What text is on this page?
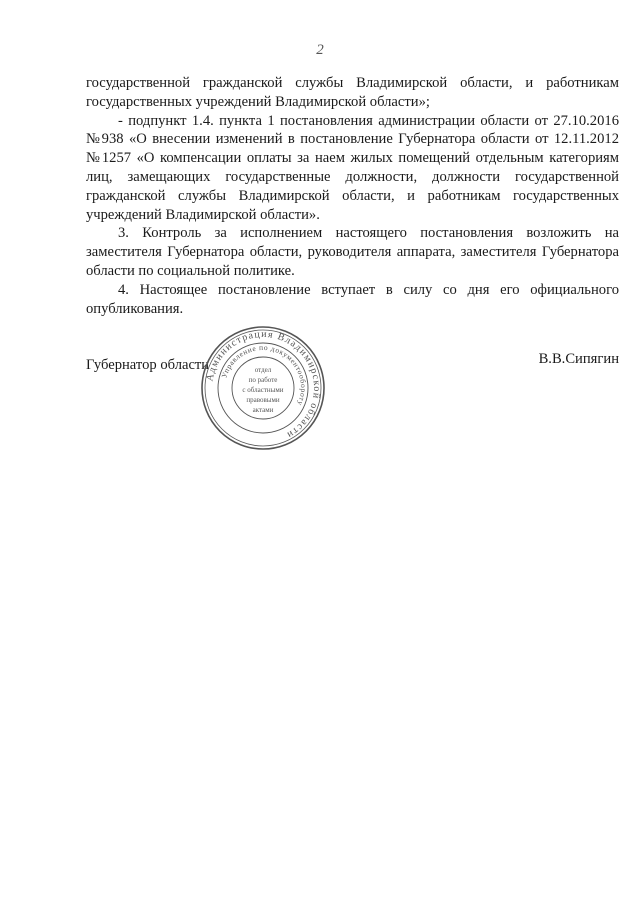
2

государственной гражданской службы Владимирской области, и работникам государственных учреждений Владимирской области»;

- подпункт 1.4. пункта 1 постановления администрации области от 27.10.2016 №938 «О внесении изменений в постановление Губернатора области от 12.11.2012 №1257 «О компенсации оплаты за наем жилых помещений отдельным категориям лиц, замещающих государственные должности, должности государственной гражданской службы Владимирской области, и работникам государственных учреждений Владимирской области».

3. Контроль за исполнением настоящего постановления возложить на заместителя Губернатора области, руководителя аппарата, заместителя Губернатора области по социальной политике.

4. Настоящее постановление вступает в силу со дня его официального опубликования.

Губернатор области	В.В.Сипягин
Администрация Владимирской области
Управление по документообороту
отдел
по работе
с областными
правовыми
актами
